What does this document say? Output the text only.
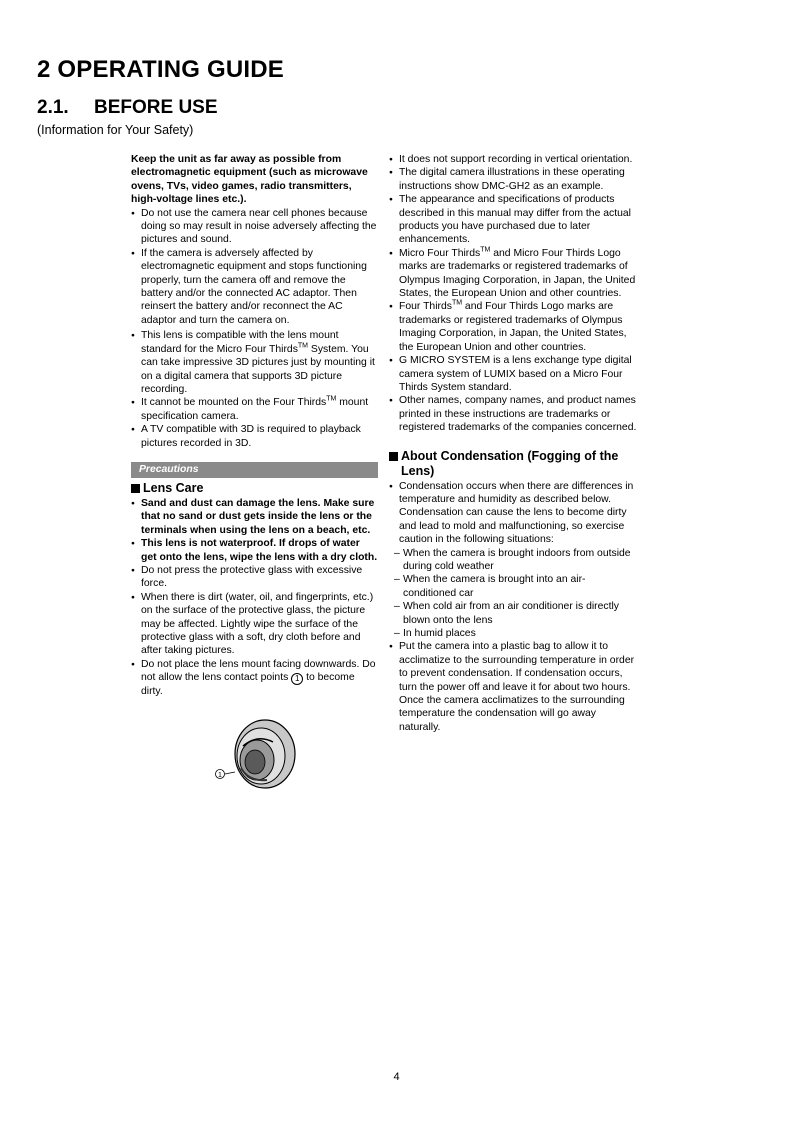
2 OPERATING GUIDE
2.1. BEFORE USE
(Information for Your Safety)

Keep the unit as far away as possible from electromagnetic equipment (such as microwave ovens, TVs, video games, radio transmitters, high-voltage lines etc.).

● Do not use the camera near cell phones because doing so may result in noise adversely affecting the pictures and sound.

● If the camera is adversely affected by electromagnetic equipment and stops functioning properly, turn the camera off and remove the battery and/or the connected AC adaptor. Then reinsert the battery and/or reconnect the AC adaptor and turn the camera on.

● This lens is compatible with the lens mount standard for the Micro Four Thirds™ System. You can take impressive 3D pictures just by mounting it on a digital camera that supports 3D picture recording.

● It cannot be mounted on the Four Thirds™ mount specification camera.

● A TV compatible with 3D is required to playback pictures recorded in 3D.

Precautions
Lens Care

● Sand and dust can damage the lens. Make sure that no sand or dust gets inside the lens or the terminals when using the lens on a beach, etc.

● This lens is not waterproof. If drops of water get onto the lens, wipe the lens with a dry cloth.

● Do not press the protective glass with excessive force.

● When there is dirt (water, oil, and fingerprints, etc.) on the surface of the protective glass, the picture may be affected. Lightly wipe the surface of the protective glass with a soft, dry cloth before and after taking pictures.

● Do not place the lens mount facing downwards. Do not allow the lens contact points 1 to become dirty.

1

● It does not support recording in vertical orientation.

● The digital camera illustrations in these operating instructions show DMC-GH2 as an example.

● The appearance and specifications of products described in this manual may differ from the actual products you have purchased due to later enhancements.

● Micro Four Thirds™ and Micro Four Thirds Logo marks are trademarks or registered trademarks of Olympus Imaging Corporation, in Japan, the United States, the European Union and other countries.

● Four Thirds™ and Four Thirds Logo marks are trademarks or registered trademarks of Olympus Imaging Corporation, in Japan, the United States, the European Union and other countries.

● G MICRO SYSTEM is a lens exchange type digital camera system of LUMIX based on a Micro Four Thirds System standard.

● Other names, company names, and product names printed in these instructions are trademarks or registered trademarks of the companies concerned.

About Condensation (Fogging of the Lens)

● Condensation occurs when there are differences in temperature and humidity as described below. Condensation can cause the lens to become dirty and lead to mold and malfunctioning, so exercise caution in the following situations:

– When the camera is brought indoors from outside during cold weather

– When the camera is brought into an air-conditioned car

– When cold air from an air conditioner is directly blown onto the lens

– In humid places

● Put the camera into a plastic bag to allow it to acclimatize to the surrounding temperature in order to prevent condensation. If condensation occurs, turn the power off and leave it for about two hours. Once the camera acclimatizes to the surrounding temperature the condensation will go away naturally.

4
